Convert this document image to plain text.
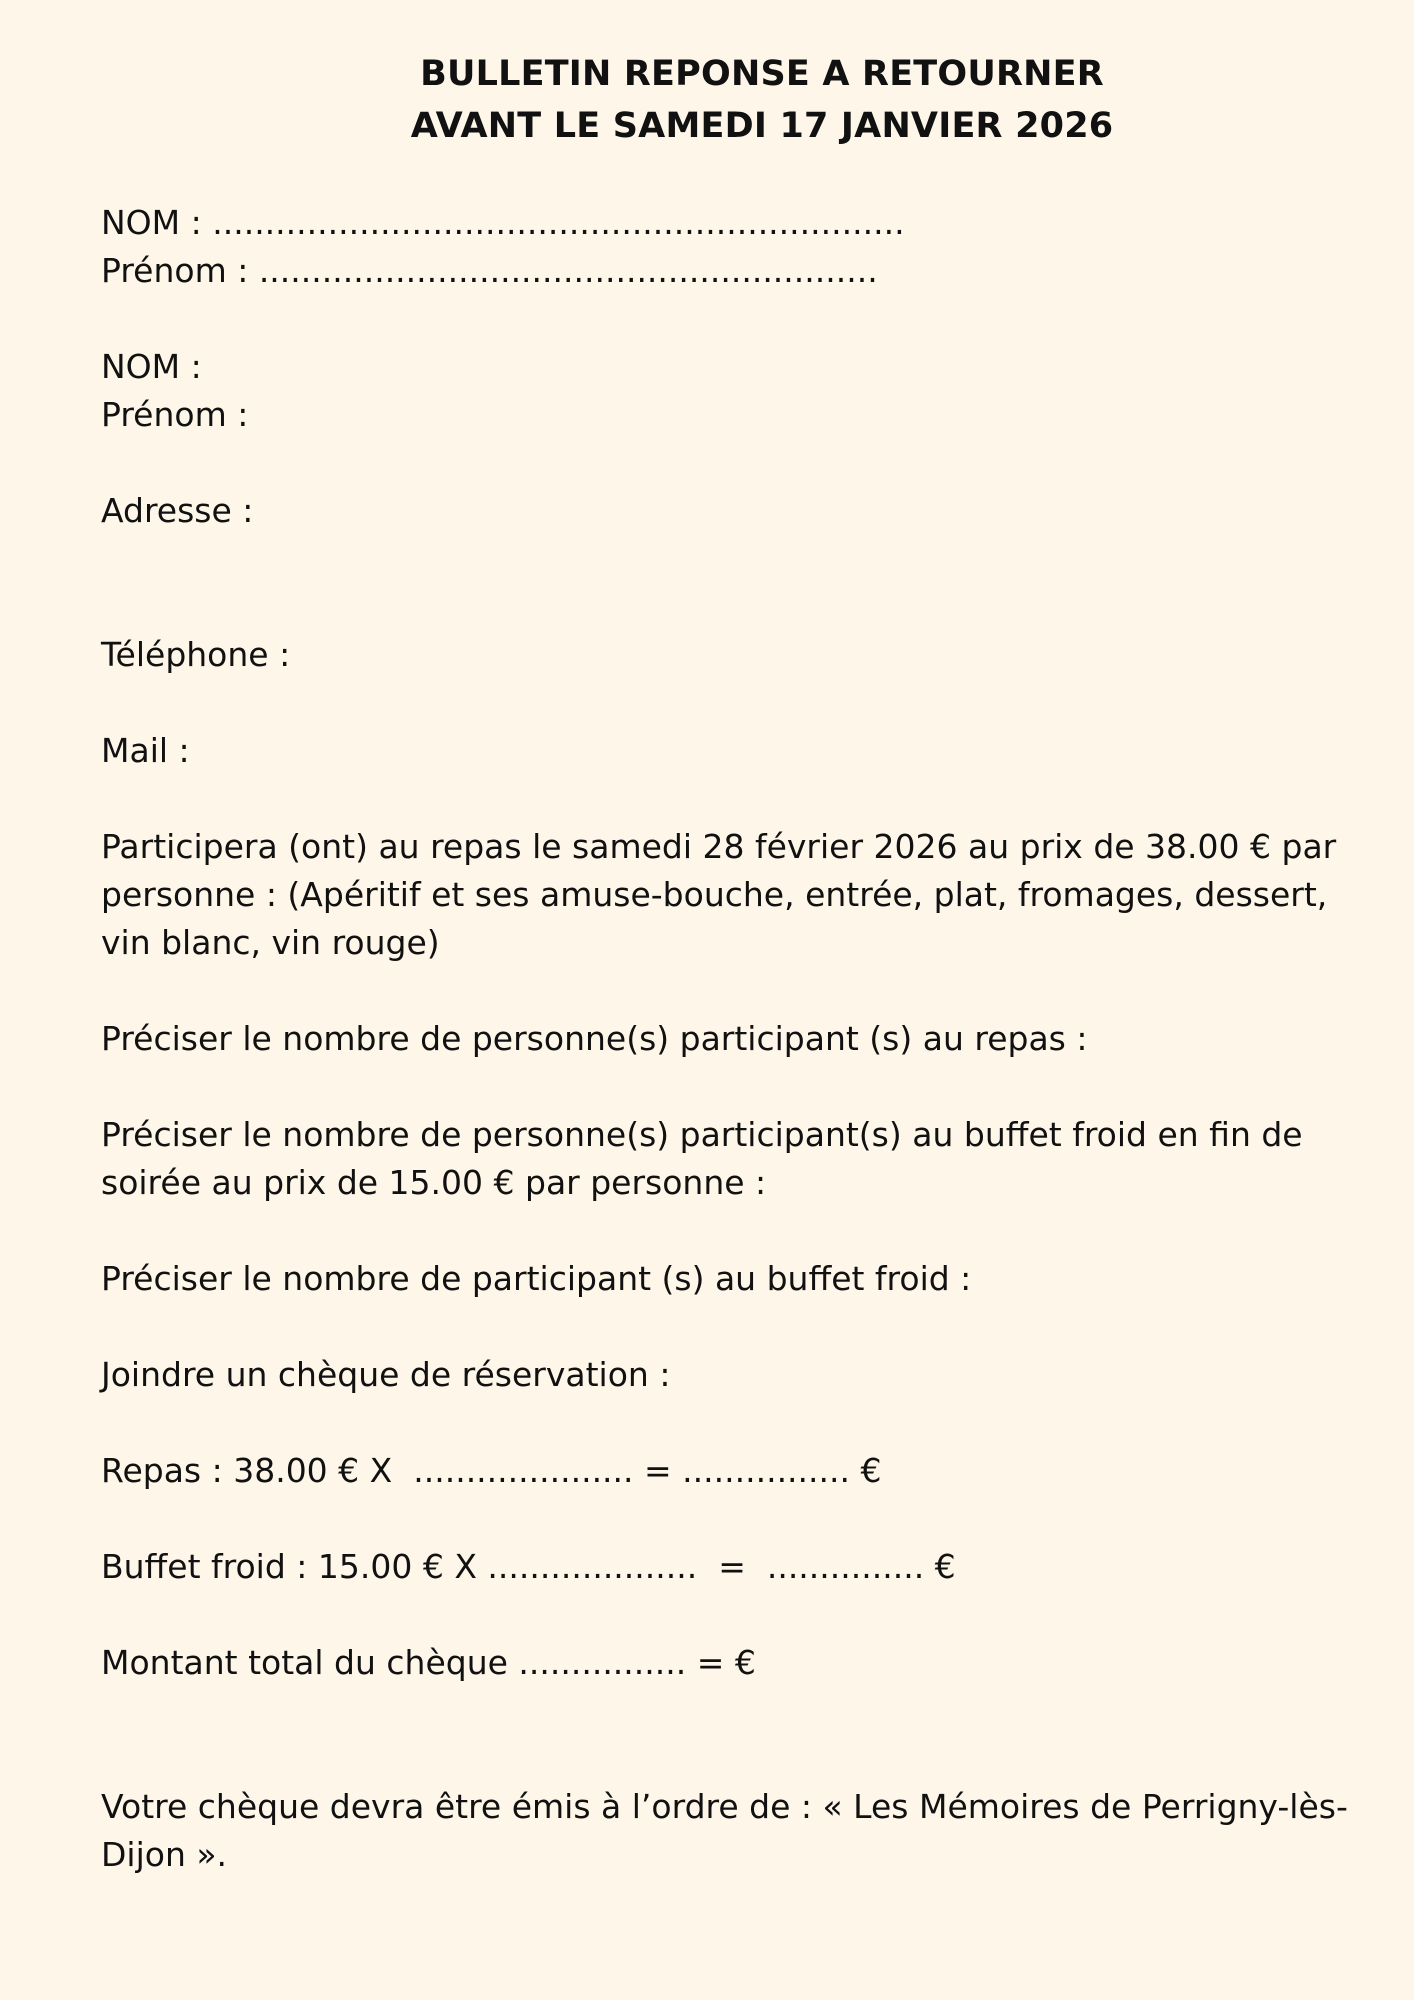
BULLETIN REPONSE A RETOURNER
AVANT LE SAMEDI 17 JANVIER 2026
NOM : ..................................................................
Prénom : ...........................................................
NOM :
Prénom :
Adresse :
Téléphone :
Mail :
Participera (ont) au repas le samedi 28 février 2026 au prix de 38.00 € par personne : (Apéritif et ses amuse-bouche, entrée, plat, fromages, dessert, vin blanc, vin rouge)
Préciser le nombre de personne(s) participant (s) au repas :
Préciser le nombre de personne(s) participant(s) au buffet froid en fin de soirée au prix de 15.00 € par personne :
Préciser le nombre de participant (s) au buffet froid :
Joindre un chèque de réservation :
Repas : 38.00 € X  ..................... = ................ €
Buffet froid : 15.00 € X ....................  =  ............... €
Montant total du chèque ................ = €
Votre chèque devra être émis à l’ordre de : « Les Mémoires de Perrigny-lès-Dijon ».
